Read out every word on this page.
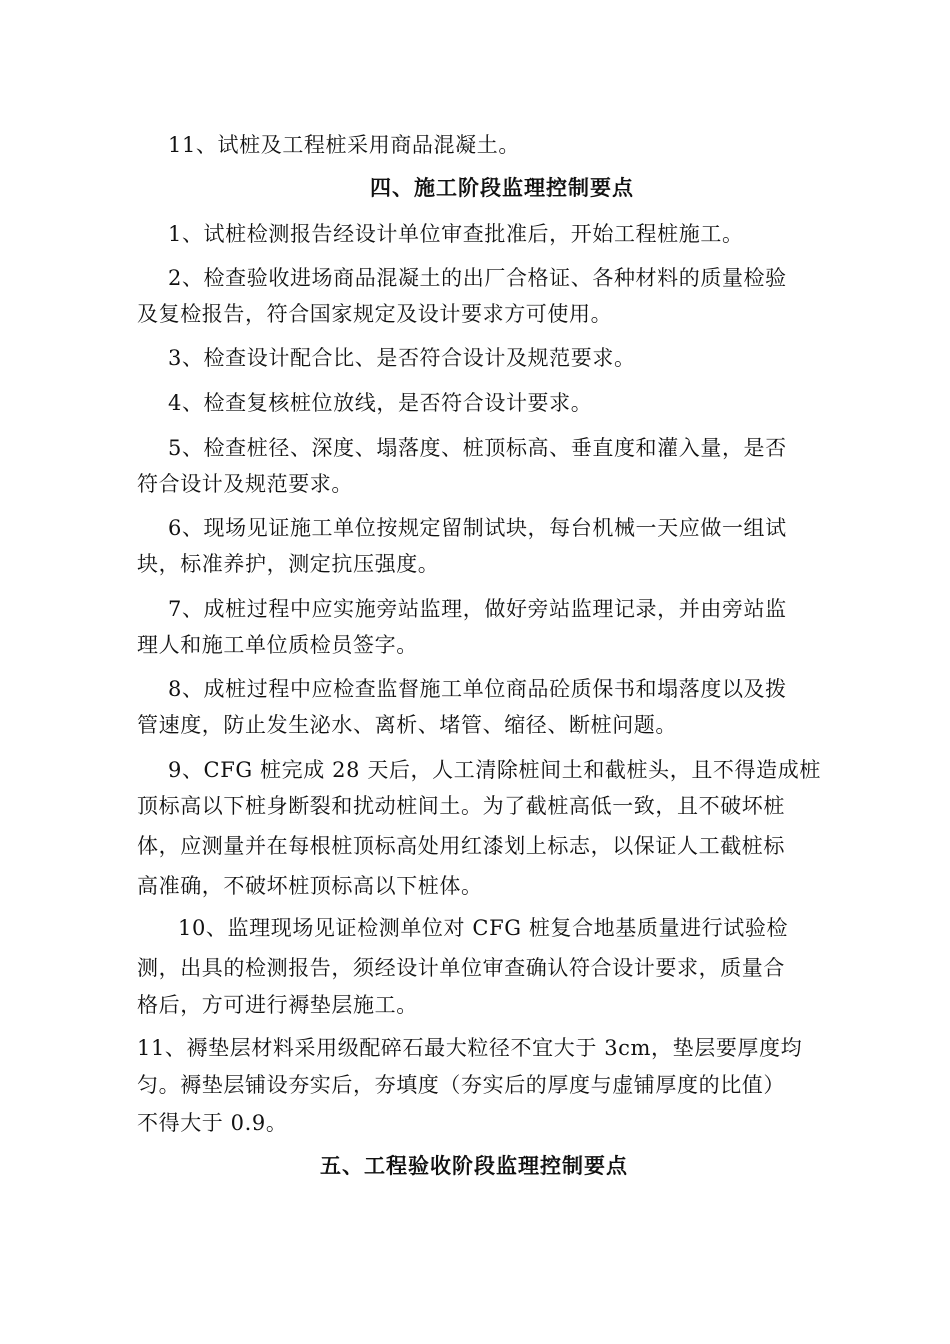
11、试桩及工程桩采用商品混凝土。

四、施工阶段监理控制要点

1、试桩检测报告经设计单位审查批准后，开始工程桩施工。

2、检查验收进场商品混凝土的出厂合格证、各种材料的质量检验

及复检报告，符合国家规定及设计要求方可使用。

3、检查设计配合比、是否符合设计及规范要求。

4、检查复核桩位放线，是否符合设计要求。

5、检查桩径、深度、塌落度、桩顶标高、垂直度和灌入量，是否

符合设计及规范要求。

6、现场见证施工单位按规定留制试块，每台机械一天应做一组试

块，标准养护，测定抗压强度。

7、成桩过程中应实施旁站监理，做好旁站监理记录，并由旁站监

理人和施工单位质检员签字。

8、成桩过程中应检查监督施工单位商品砼质保书和塌落度以及拨

管速度，防止发生泌水、离析、堵管、缩径、断桩问题。

9、CFG 桩完成 28 天后，人工清除桩间土和截桩头，且不得造成桩

顶标高以下桩身断裂和扰动桩间土。为了截桩高低一致，且不破坏桩

体，应测量并在每根桩顶标高处用红漆划上标志，以保证人工截桩标

高准确，不破坏桩顶标高以下桩体。

10、监理现场见证检测单位对 CFG 桩复合地基质量进行试验检

测，出具的检测报告，须经设计单位审查确认符合设计要求，质量合

格后，方可进行褥垫层施工。

11、褥垫层材料采用级配碎石最大粒径不宜大于 3cm，垫层要厚度均

匀。褥垫层铺设夯实后，夯填度（夯实后的厚度与虚铺厚度的比值）

不得大于 0.9。

五、工程验收阶段监理控制要点
